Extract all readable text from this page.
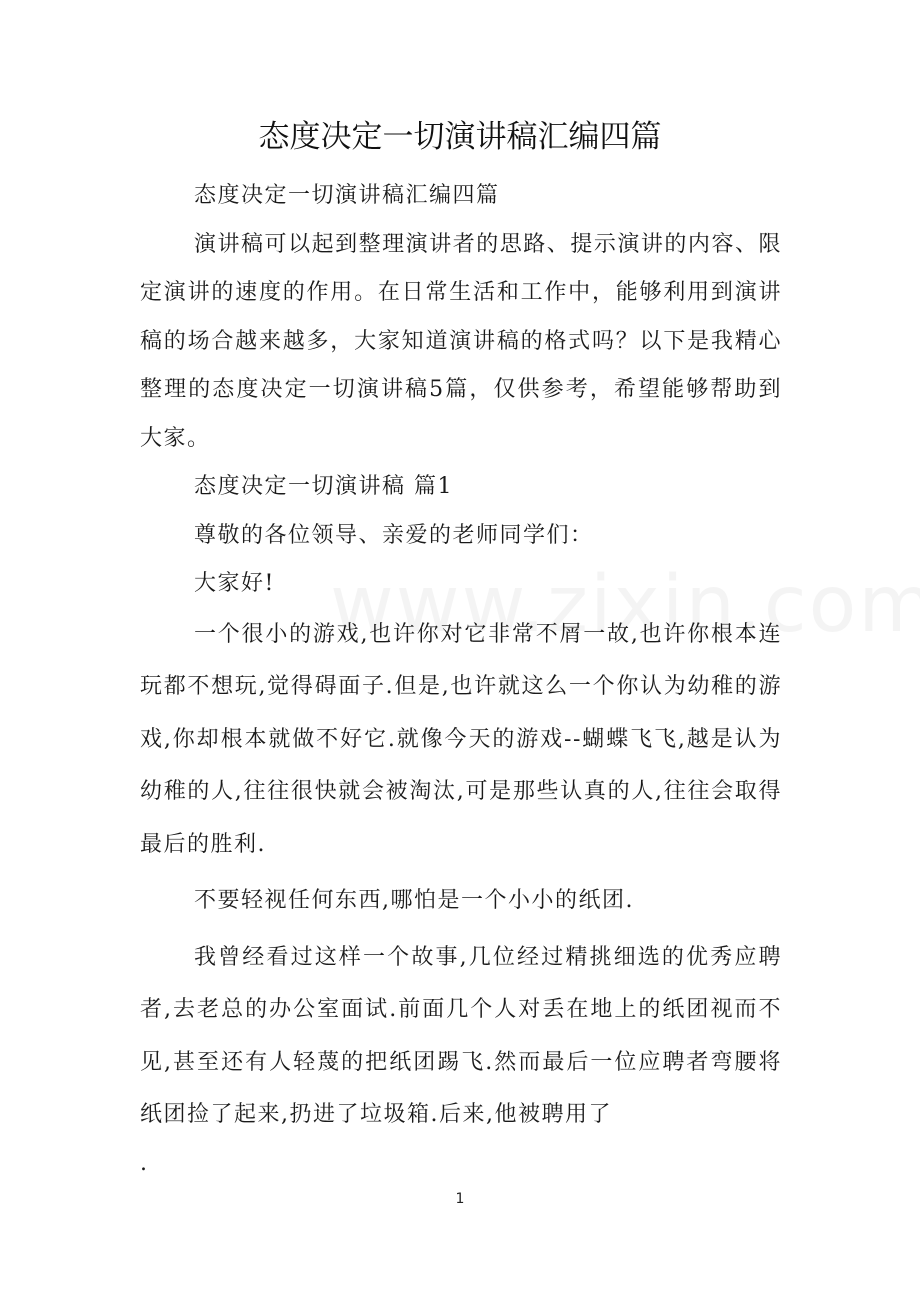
态度决定一切演讲稿汇编四篇

态度决定一切演讲稿汇编四篇

演讲稿可以起到整理演讲者的思路、提示演讲的内容、限定演讲的速度的作用。在日常生活和工作中，能够利用到演讲稿的场合越来越多，大家知道演讲稿的格式吗？以下是我精心整理的态度决定一切演讲稿5篇，仅供参考，希望能够帮助到大家。

态度决定一切演讲稿 篇1

尊敬的各位领导、亲爱的老师同学们：

大家好!

一个很小的游戏,也许你对它非常不屑一故,也许你根本连玩都不想玩,觉得碍面子.但是,也许就这么一个你认为幼稚的游戏,你却根本就做不好它.就像今天的游戏--蝴蝶飞飞,越是认为幼稚的人,往往很快就会被淘汰,可是那些认真的人,往往会取得最后的胜利.

不要轻视任何东西,哪怕是一个小小的纸团.

我曾经看过这样一个故事,几位经过精挑细选的优秀应聘者,去老总的办公室面试.前面几个人对丢在地上的纸团视而不见,甚至还有人轻蔑的把纸团踢飞.然而最后一位应聘者弯腰将纸团捡了起来,扔进了垃圾箱.后来,他被聘用了

.

1
